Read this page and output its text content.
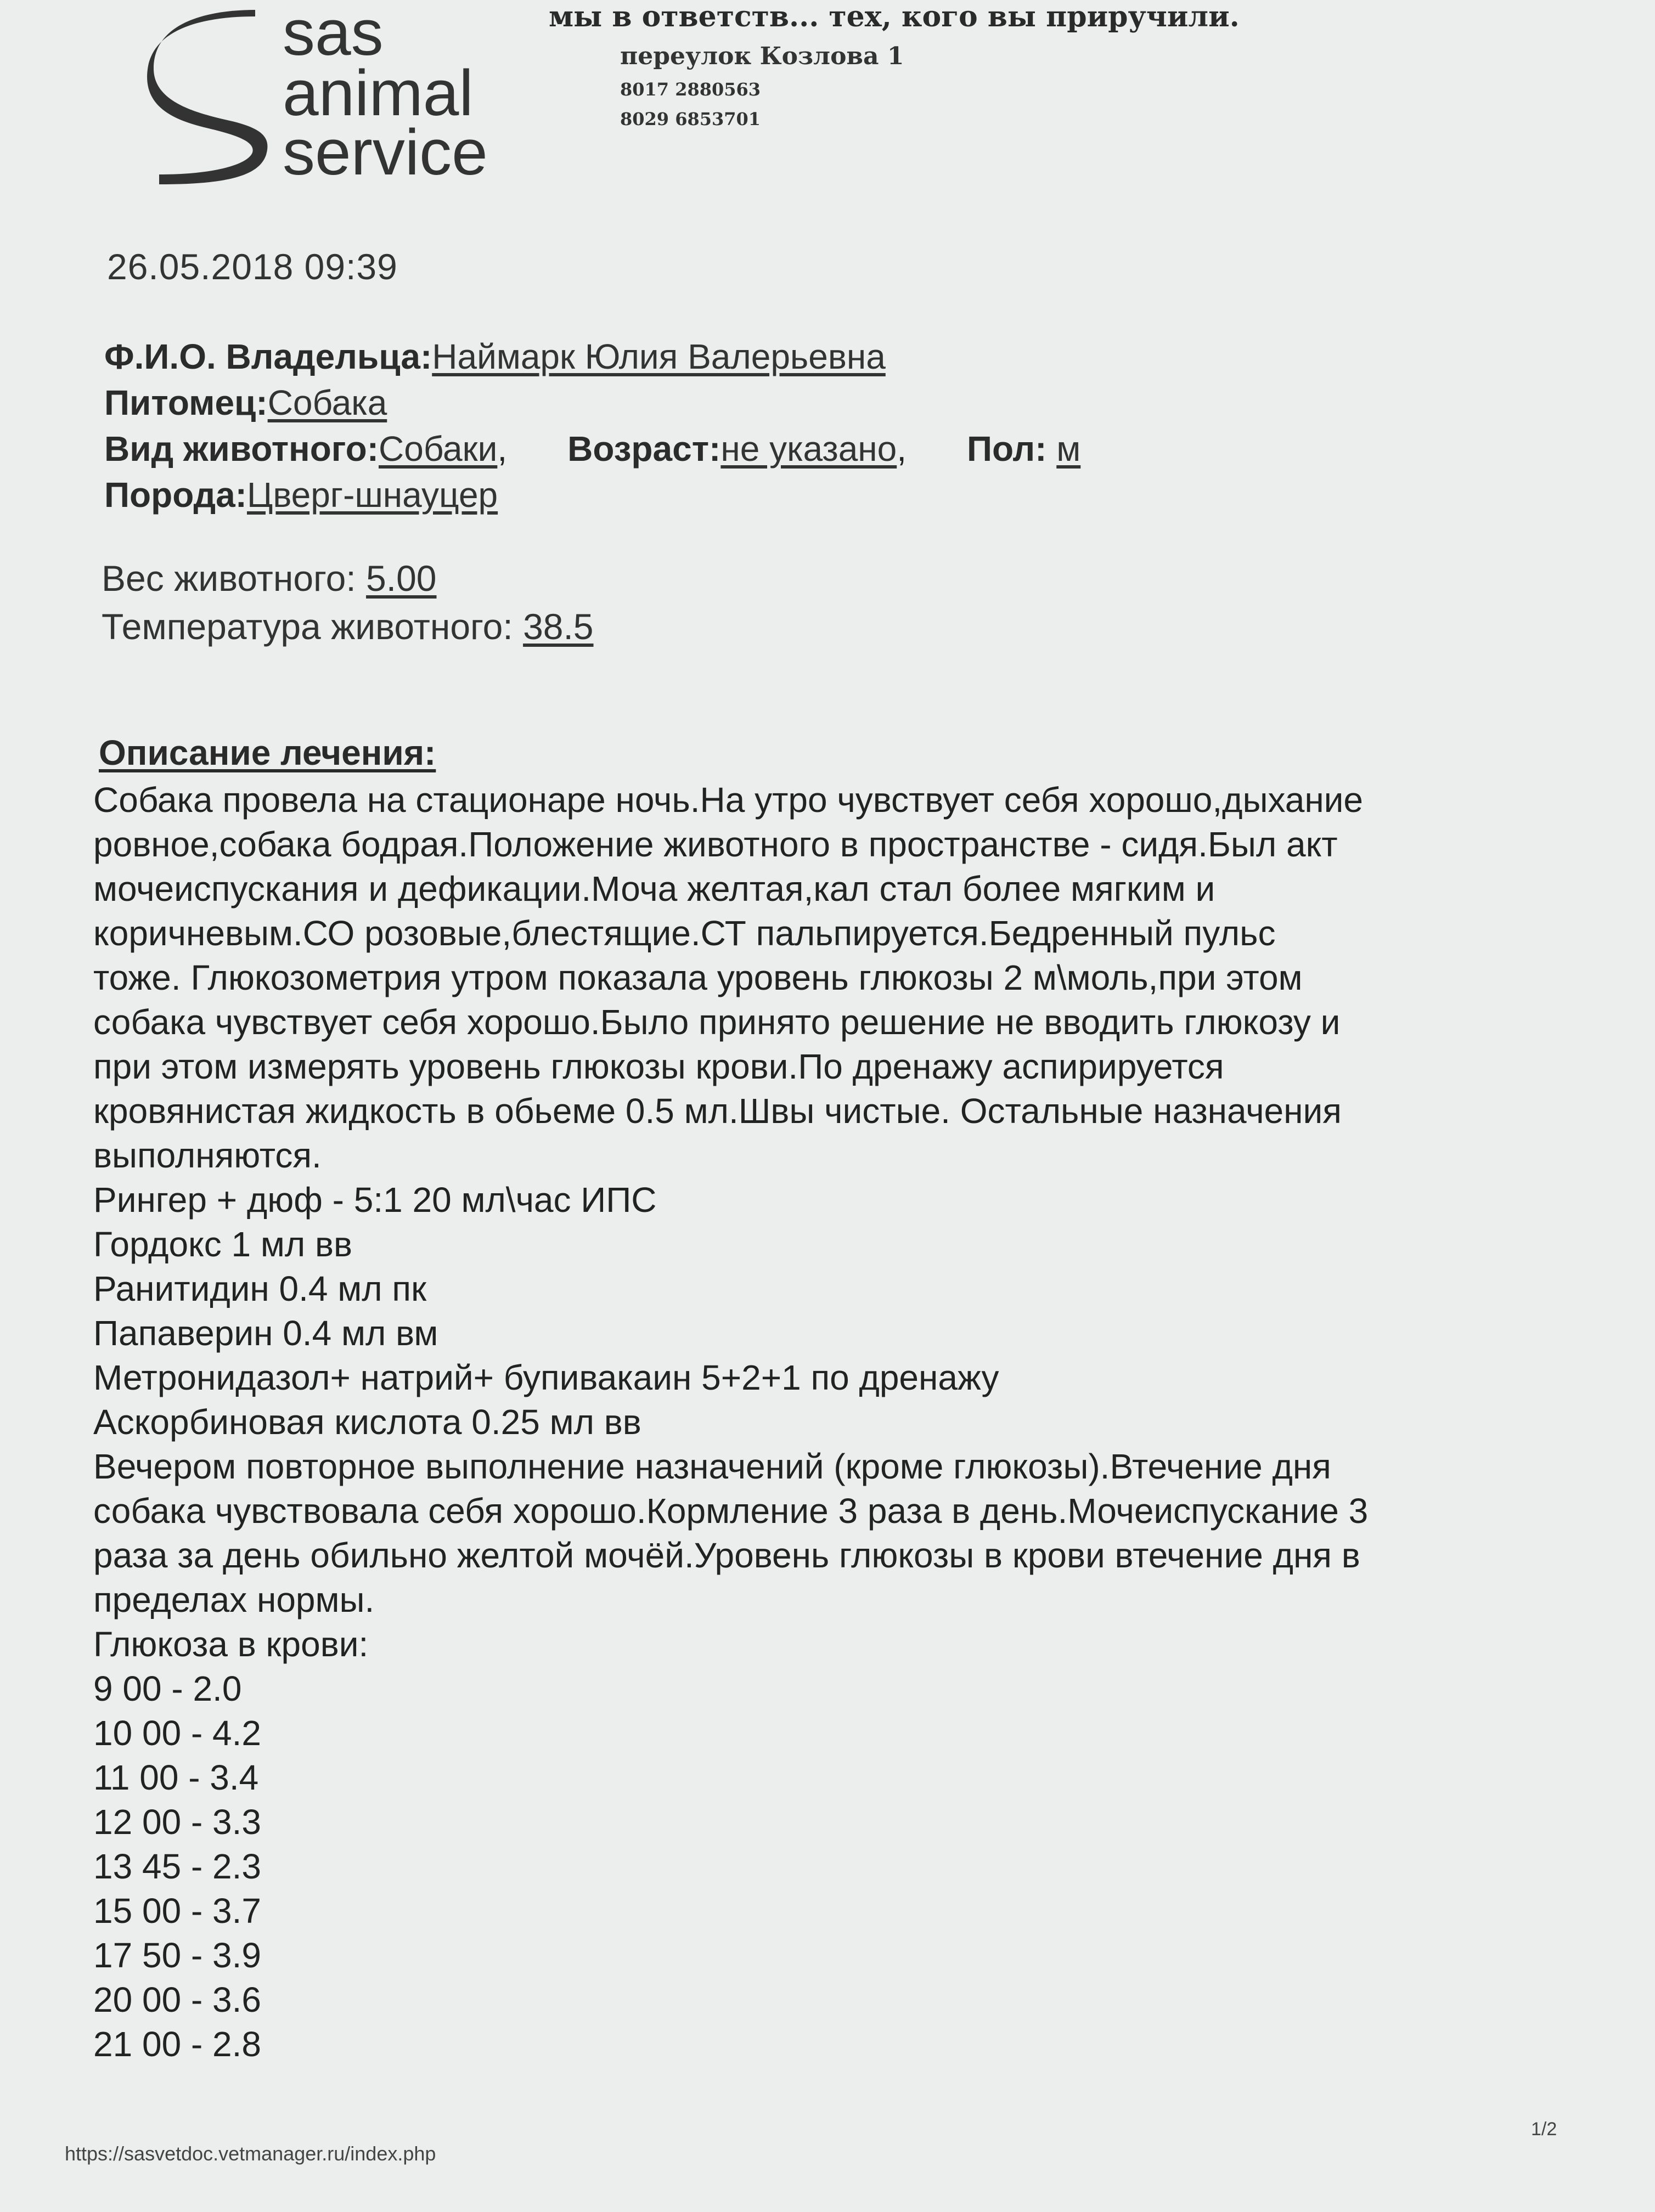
sas
animal
service
мы в ответств... тех, кого вы приручили.
переулок Козлова 1
8017 2880563
8029 6853701
26.05.2018 09:39
Ф.И.О. Владельца:Наймарк Юлия Валерьевна
Питомец:Собака
Вид животного:Собаки, Возраст:не указано, Пол: м
Порода:Цверг-шнауцер
Вес животного: 5.00
Температура животного: 38.5
Описание лечения:
Собака провела на стационаре ночь.На утро чувствует себя хорошо,дыхание
ровное,собака бодрая.Положение животного в пространстве - сидя.Был акт
мочеиспускания и дефикации.Моча желтая,кал стал более мягким и
коричневым.СО розовые,блестящие.СТ пальпируется.Бедренный пульс
тоже. Глюкозометрия утром показала уровень глюкозы 2 м\моль,при этом
собака чувствует себя хорошо.Было принято решение не вводить глюкозу и
при этом измерять уровень глюкозы крови.По дренажу аспирируется
кровянистая жидкость в обьеме 0.5 мл.Швы чистые. Остальные назначения
выполняются.
Рингер + дюф - 5:1 20 мл\час ИПС
Гордокс 1 мл вв
Ранитидин 0.4 мл пк
Папаверин 0.4 мл вм
Метронидазол+ натрий+ бупивакаин 5+2+1 по дренажу
Аскорбиновая кислота 0.25 мл вв
Вечером повторное выполнение назначений (кроме глюкозы).Втечение дня
собака чувствовала себя хорошо.Кормление 3 раза в день.Мочеиспускание 3
раза за день обильно желтой мочёй.Уровень глюкозы в крови втечение дня в
пределах нормы.
Глюкоза в крови:
9 00 - 2.0
10 00 - 4.2
11 00 - 3.4
12 00 - 3.3
13 45 - 2.3
15 00 - 3.7
17 50 - 3.9
20 00 - 3.6
21 00 - 2.8
https://sasvetdoc.vetmanager.ru/index.php
1/2
